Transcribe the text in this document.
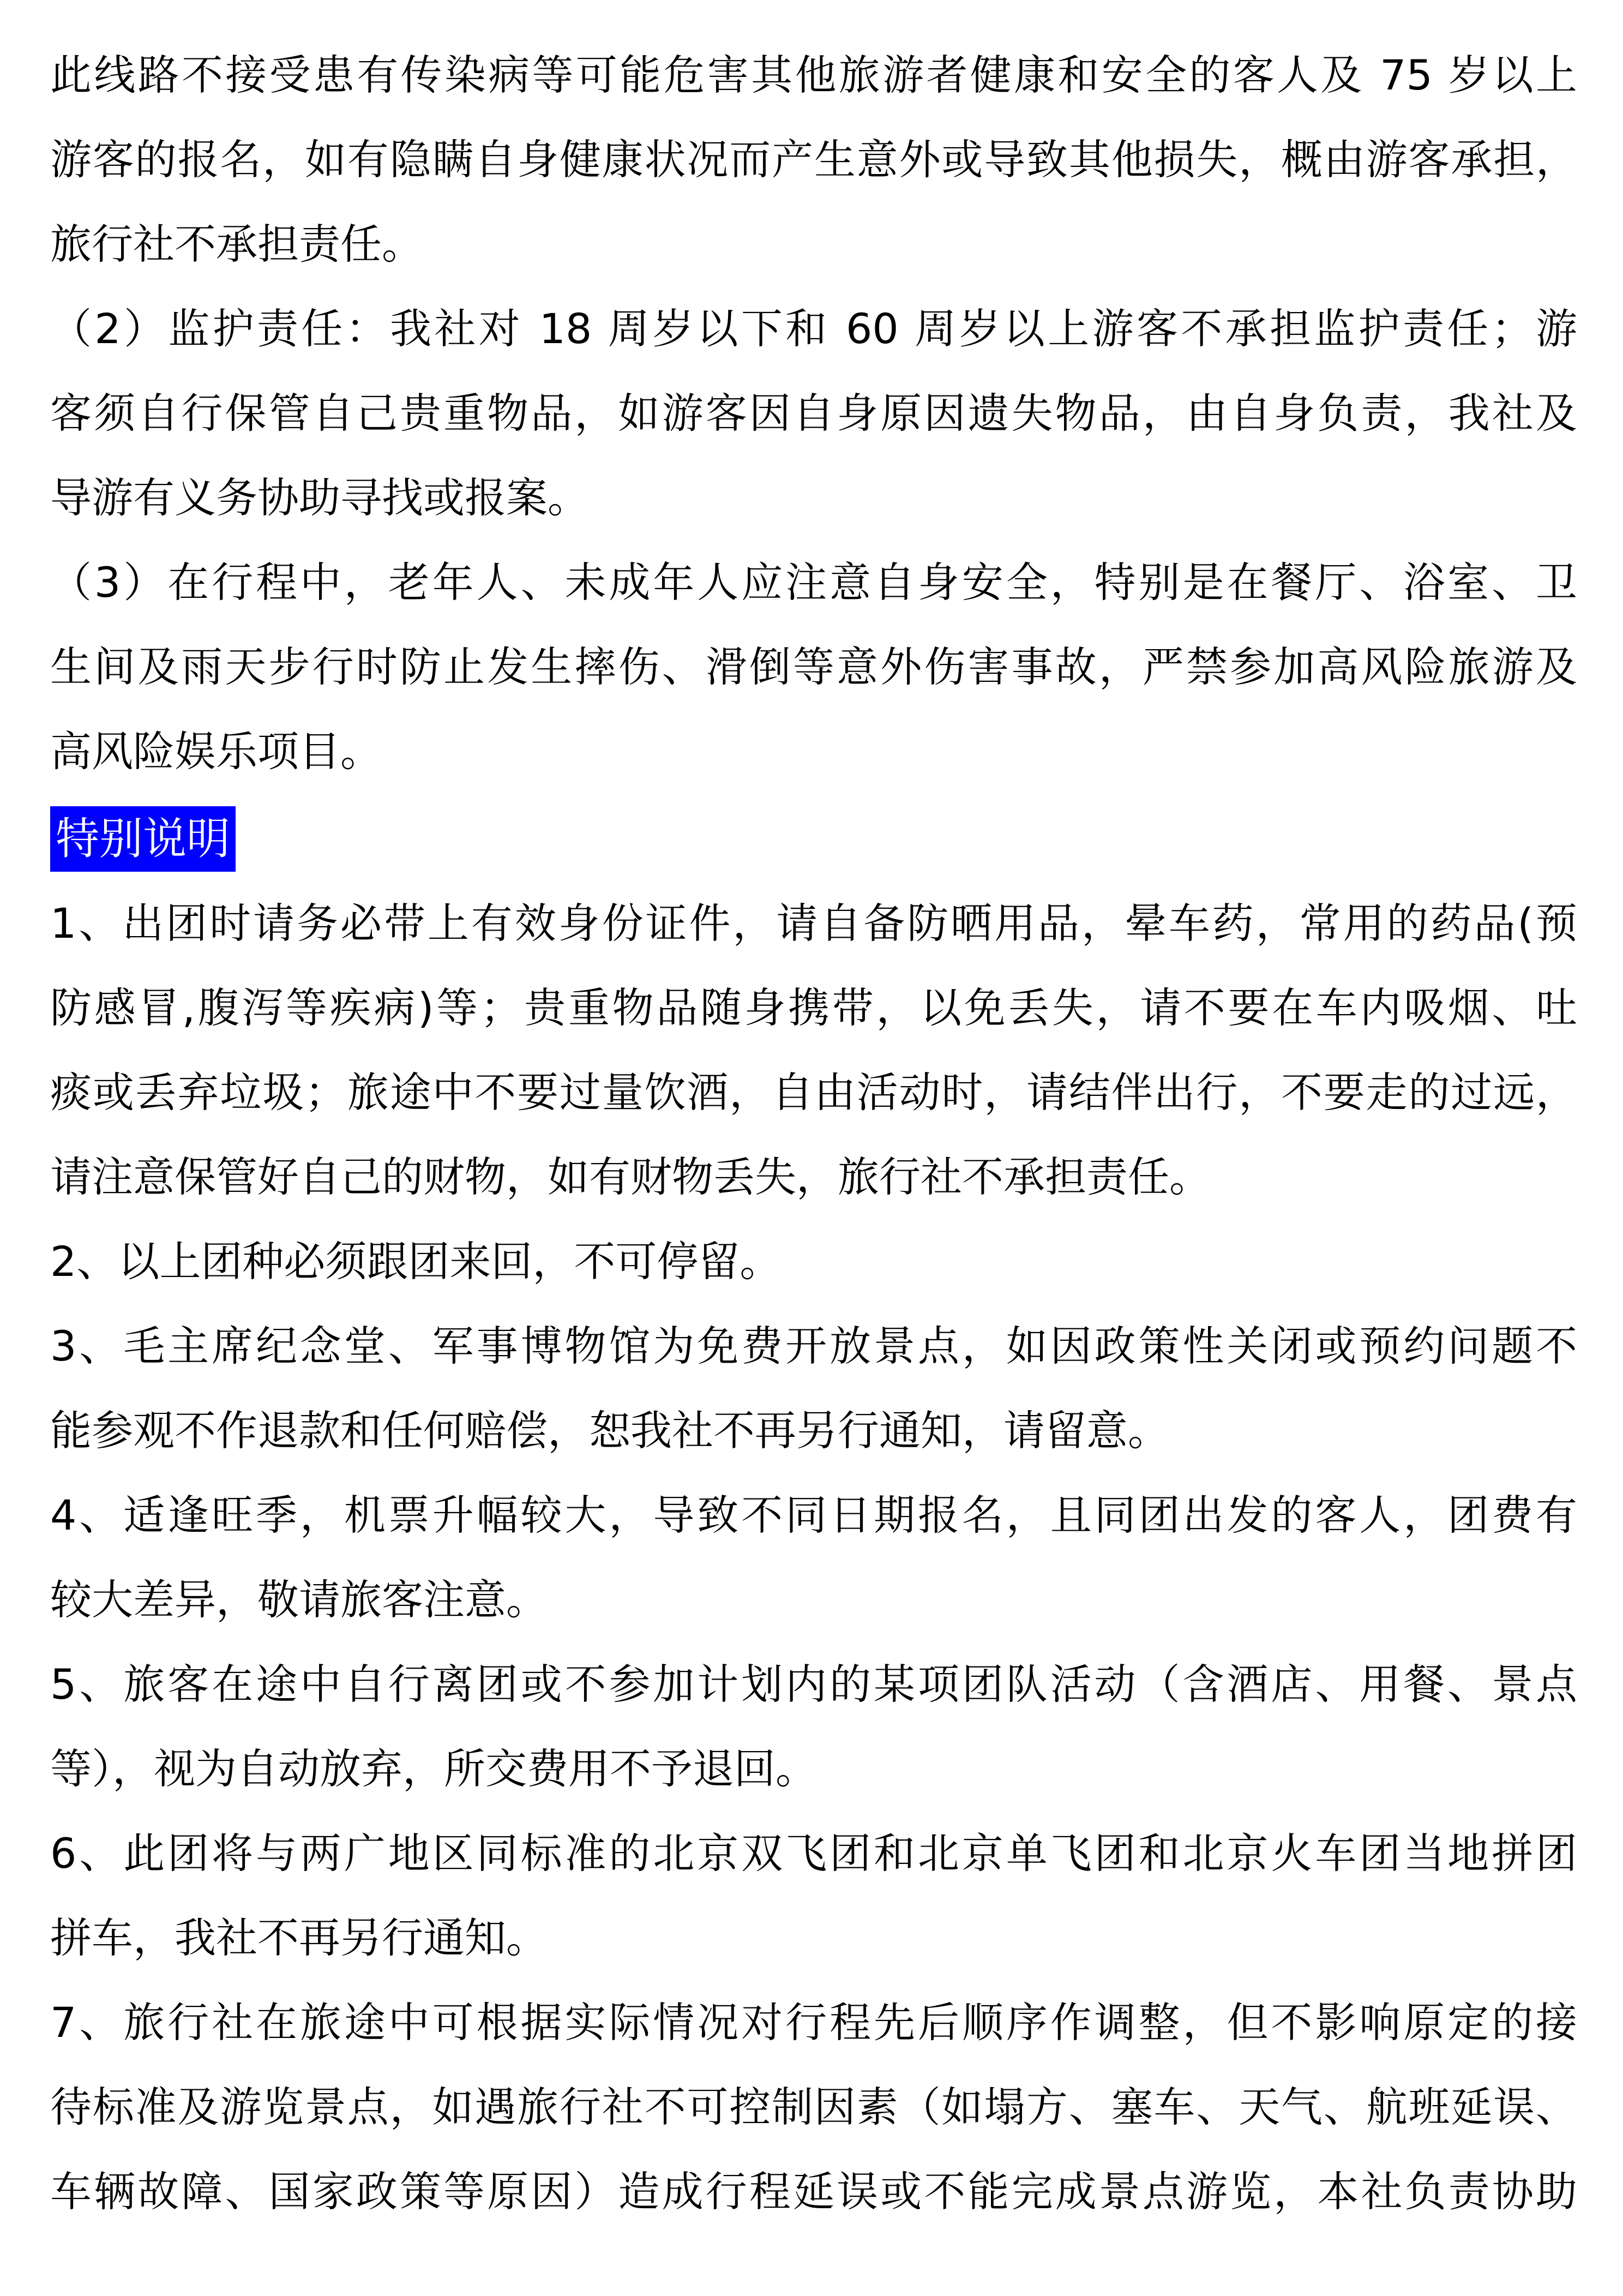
此线路不接受患有传染病等可能危害其他旅游者健康和安全的客人及 75 岁以上
游客的报名，如有隐瞒自身健康状况而产生意外或导致其他损失，概由游客承担，
旅行社不承担责任。
（2）监护责任：我社对 18 周岁以下和 60 周岁以上游客不承担监护责任；游
客须自行保管自己贵重物品，如游客因自身原因遗失物品，由自身负责，我社及
导游有义务协助寻找或报案。
（3）在行程中，老年人、未成年人应注意自身安全，特别是在餐厅、浴室、卫
生间及雨天步行时防止发生摔伤、滑倒等意外伤害事故，严禁参加高风险旅游及
高风险娱乐项目。
特别说明
1、出团时请务必带上有效身份证件，请自备防晒用品，晕车药，常用的药品(预
防感冒,腹泻等疾病)等；贵重物品随身携带，以免丢失，请不要在车内吸烟、吐
痰或丢弃垃圾；旅途中不要过量饮酒，自由活动时，请结伴出行，不要走的过远，
请注意保管好自己的财物，如有财物丢失，旅行社不承担责任。
2、以上团种必须跟团来回，不可停留。
3、毛主席纪念堂、军事博物馆为免费开放景点，如因政策性关闭或预约问题不
能参观不作退款和任何赔偿，恕我社不再另行通知，请留意。
4、适逢旺季，机票升幅较大，导致不同日期报名，且同团出发的客人，团费有
较大差异，敬请旅客注意。
5、旅客在途中自行离团或不参加计划内的某项团队活动（含酒店、用餐、景点
等），视为自动放弃，所交费用不予退回。
6、此团将与两广地区同标准的北京双飞团和北京单飞团和北京火车团当地拼团
拼车，我社不再另行通知。
7、旅行社在旅途中可根据实际情况对行程先后顺序作调整，但不影响原定的接
待标准及游览景点，如遇旅行社不可控制因素（如塌方、塞车、天气、航班延误、
车辆故障、国家政策等原因）造成行程延误或不能完成景点游览，本社负责协助
